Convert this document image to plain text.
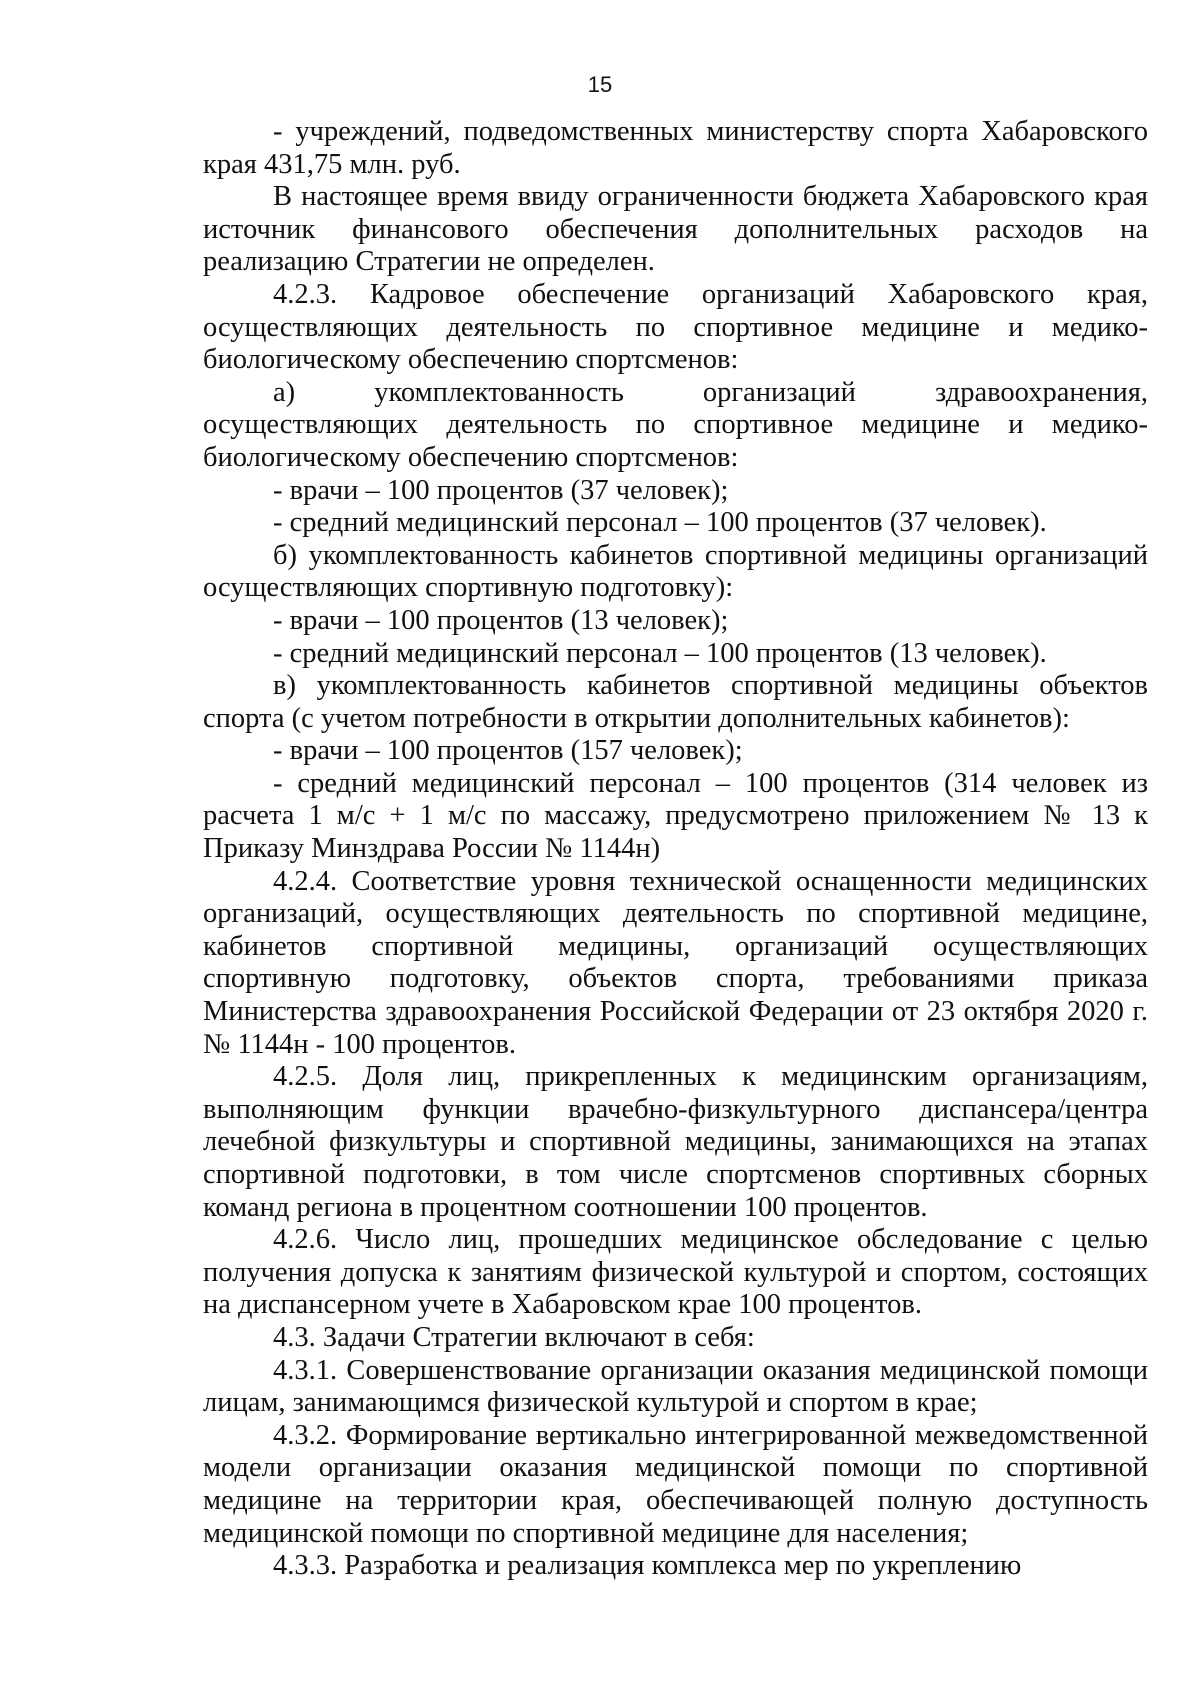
15

- учреждений, подведомственных министерству спорта Хабаровского края 431,75 млн. руб.

В настоящее время ввиду ограниченности бюджета Хабаровского края источник финансового обеспечения дополнительных расходов на реализацию Стратегии не определен.

4.2.3. Кадровое обеспечение организаций Хабаровского края, осуществляющих деятельность по спортивное медицине и медико-биологическому обеспечению спортсменов:

а) укомплектованность организаций здравоохранения, осуществляющих деятельность по спортивное медицине и медико-биологическому обеспечению спортсменов:

- врачи – 100 процентов (37 человек);

- средний медицинский персонал – 100 процентов (37 человек).

б) укомплектованность кабинетов спортивной медицины организаций осуществляющих спортивную подготовку):

- врачи – 100 процентов (13 человек);

- средний медицинский персонал – 100 процентов (13 человек).

в) укомплектованность кабинетов спортивной медицины объектов спорта (с учетом потребности в открытии дополнительных кабинетов):

- врачи – 100 процентов (157 человек);

- средний медицинский персонал – 100 процентов (314 человек из расчета 1 м/с + 1 м/с по массажу, предусмотрено приложением № 13 к Приказу Минздрава России № 1144н)

4.2.4. Соответствие уровня технической оснащенности медицинских организаций, осуществляющих деятельность по спортивной медицине, кабинетов спортивной медицины, организаций осуществляющих спортивную подготовку, объектов спорта, требованиями приказа Министерства здравоохранения Российской Федерации от 23 октября 2020 г. № 1144н - 100 процентов.

4.2.5. Доля лиц, прикрепленных к медицинским организациям, выполняющим функции врачебно-физкультурного диспансера/центра лечебной физкультуры и спортивной медицины, занимающихся на этапах спортивной подготовки, в том числе спортсменов спортивных сборных команд региона в процентном соотношении 100 процентов.

4.2.6. Число лиц, прошедших медицинское обследование с целью получения допуска к занятиям физической культурой и спортом, состоящих на диспансерном учете в Хабаровском крае 100 процентов.

4.3. Задачи Стратегии включают в себя:

4.3.1. Совершенствование организации оказания медицинской помощи лицам, занимающимся физической культурой и спортом в крае;

4.3.2. Формирование вертикально интегрированной межведомственной модели организации оказания медицинской помощи по спортивной медицине на территории края, обеспечивающей полную доступность медицинской помощи по спортивной медицине для населения;

4.3.3. Разработка и реализация комплекса мер по укреплению
